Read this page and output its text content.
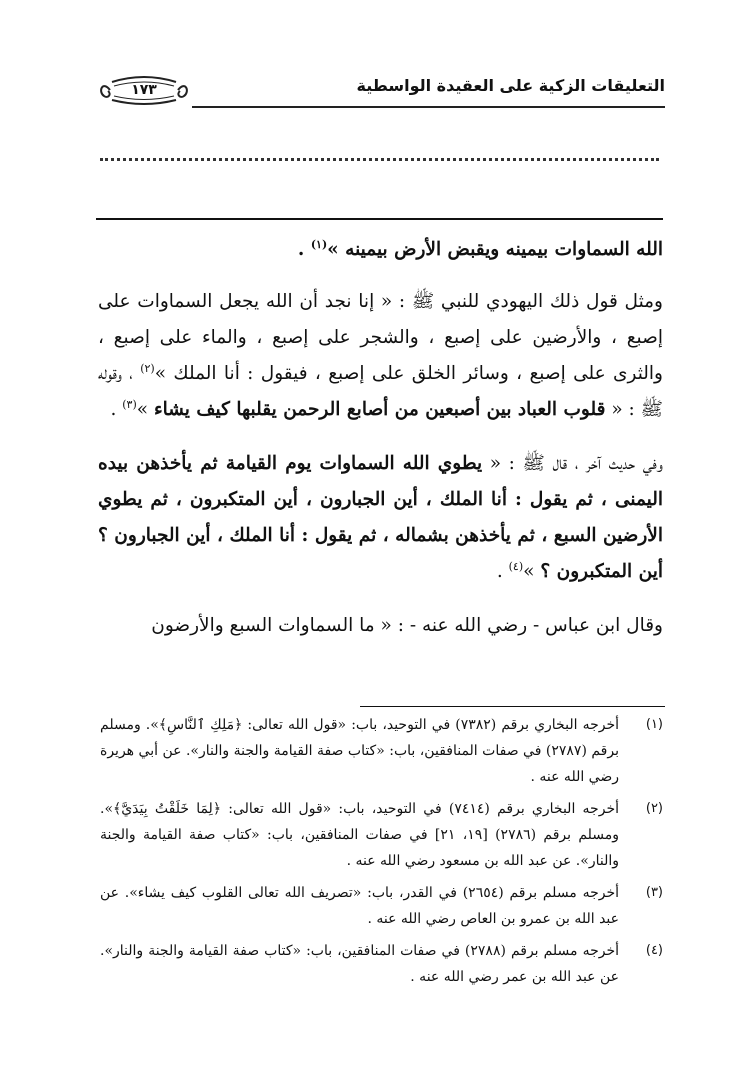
التعليقات الزكية على العقيدة الواسطية
١٧٣

الله السماوات بيمينه ويقبض الأرض بيمينه »$^{(١)}$ .

ومثل قول ذلك اليهودي للنبي ﷺ : « إنا نجد أن الله يجعل السماوات على إصبع ، والأرضين على إصبع ، والشجر على إصبع ، والماء على إصبع ، والثرى على إصبع ، وسائر الخلق على إصبع ، فيقول : أنا الملك »$^{(٢)}$ ، وقوله ﷺ : « قلوب العباد بين أصبعين من أصابع الرحمن يقلبها كيف يشاء »$^{(٣)}$ .

وفي حديث آخر ، قال ﷺ : « يطوي الله السماوات يوم القيامة ثم يأخذهن بيده اليمنى ، ثم يقول : أنا الملك ، أين الجبارون ، أين المتكبرون ، ثم يطوي الأرضين السبع ، ثم يأخذهن بشماله ، ثم يقول : أنا الملك ، أين الجبارون ؟ أين المتكبرون ؟ »$^{(٤)}$ .

وقال ابن عباس - رضي الله عنه - : « ما السماوات السبع والأرضون

(١)
أخرجه البخاري برقم (٧٣٨٢) في التوحيد، باب: «قول الله تعالى: ﴿مَلِكِ ٱلنَّاسِ﴾». ومسلم برقم (٢٧٨٧) في صفات المنافقين، باب: «كتاب صفة القيامة والجنة والنار». عن أبي هريرة رضي الله عنه .
(٢)
أخرجه البخاري برقم (٧٤١٤) في التوحيد، باب: «قول الله تعالى: ﴿لِمَا خَلَقْتُ بِيَدَيَّ﴾». ومسلم برقم (٢٧٨٦) [١٩، ٢١] في صفات المنافقين، باب: «كتاب صفة القيامة والجنة والنار». عن عبد الله بن مسعود رضي الله عنه .
(٣)
أخرجه مسلم برقم (٢٦٥٤) في القدر، باب: «تصريف الله تعالى القلوب كيف يشاء». عن عبد الله بن عمرو بن العاص رضي الله عنه .
(٤)
أخرجه مسلم برقم (٢٧٨٨) في صفات المنافقين، باب: «كتاب صفة القيامة والجنة والنار». عن عبد الله بن عمر رضي الله عنه .
